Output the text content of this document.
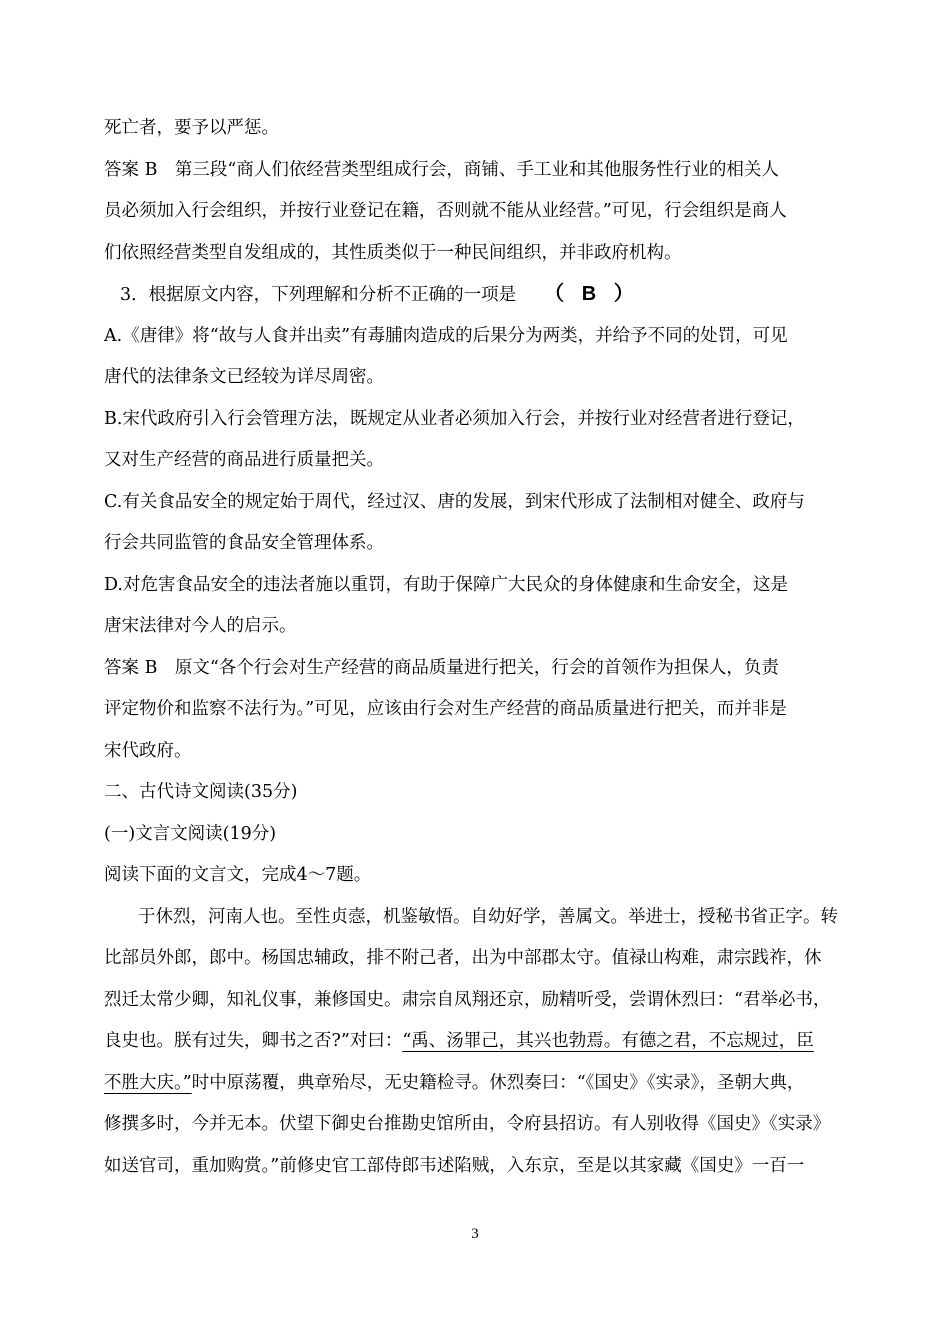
死亡者，要予以严惩。
答案 B　第三段“商人们依经营类型组成行会，商铺、手工业和其他服务性行业的相关人
员必须加入行会组织，并按行业登记在籍，否则就不能从业经营。”可见，行会组织是商人
们依照经营类型自发组成的，其性质类似于一种民间组织，并非政府机构。
3．根据原文内容，下列理解和分析不正确的一项是 （ B ）
A.《唐律》将“故与人食并出卖”有毒脯肉造成的后果分为两类，并给予不同的处罚，可见
唐代的法律条文已经较为详尽周密。
B.宋代政府引入行会管理方法，既规定从业者必须加入行会，并按行业对经营者进行登记，
又对生产经营的商品进行质量把关。
C.有关食品安全的规定始于周代，经过汉、唐的发展，到宋代形成了法制相对健全、政府与
行会共同监管的食品安全管理体系。
D.对危害食品安全的违法者施以重罚，有助于保障广大民众的身体健康和生命安全，这是
唐宋法律对今人的启示。
答案 B　原文“各个行会对生产经营的商品质量进行把关，行会的首领作为担保人，负责
评定物价和监察不法行为。”可见，应该由行会对生产经营的商品质量进行把关，而并非是
宋代政府。
二、古代诗文阅读(35分)
(一)文言文阅读(19分)
阅读下面的文言文，完成4～7题。
于休烈，河南人也。至性贞悫，机鉴敏悟。自幼好学，善属文。举进士，授秘书省正字。转
比部员外郎，郎中。杨国忠辅政，排不附己者，出为中部郡太守。值禄山构难，肃宗践祚，休
烈迁太常少卿，知礼仪事，兼修国史。肃宗自凤翔还京，励精听受，尝谓休烈曰：“君举必书，
良史也。朕有过失，卿书之否?”对曰：“禹、汤罪己，其兴也勃焉。有德之君，不忘规过，臣
不胜大庆。”时中原荡覆，典章殆尽，无史籍检寻。休烈奏曰：“《国史》《实录》，圣朝大典，
修撰多时，今并无本。伏望下御史台推勘史馆所由，令府县招访。有人别收得《国史》《实录》
如送官司，重加购赏。”前修史官工部侍郎韦述陷贼，入东京，至是以其家藏《国史》一百一
3
